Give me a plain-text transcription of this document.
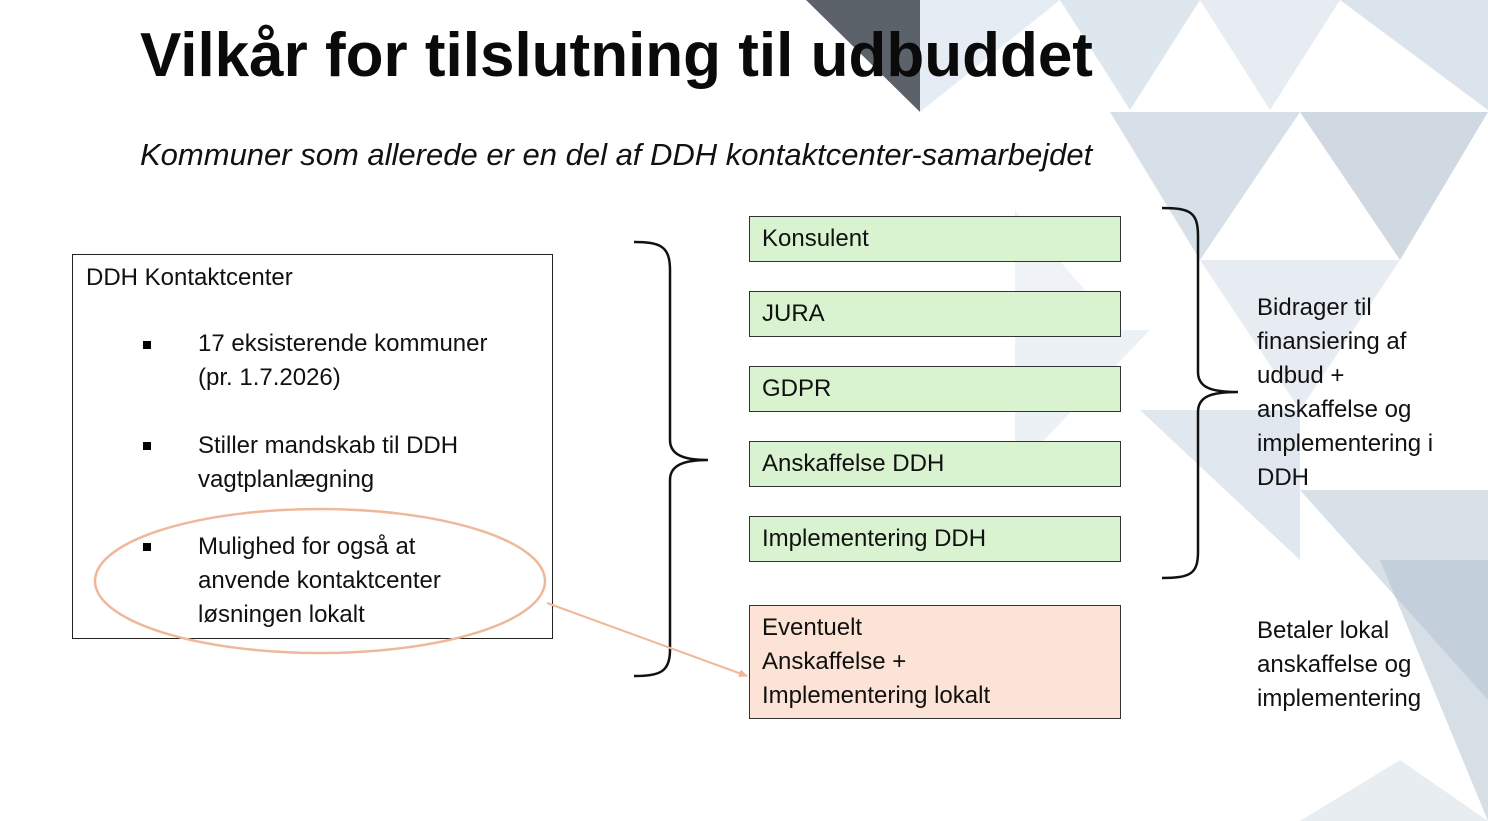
Vilkår for tilslutning til udbuddet
Kommuner som allerede er en del af DDH kontaktcenter-samarbejdet
DDH Kontaktcenter
17 eksisterende kommuner
(pr. 1.7.2026)
Stiller mandskab til DDH
vagtplanlægning
Mulighed for også at
anvende kontaktcenter
løsningen lokalt
Konsulent
JURA
GDPR
Anskaffelse DDH
Implementering DDH
Eventuelt
Anskaffelse +
Implementering lokalt
Bidrager til
finansiering af
udbud +
anskaffelse og
implementering i
DDH
Betaler lokal
anskaffelse og
implementering
